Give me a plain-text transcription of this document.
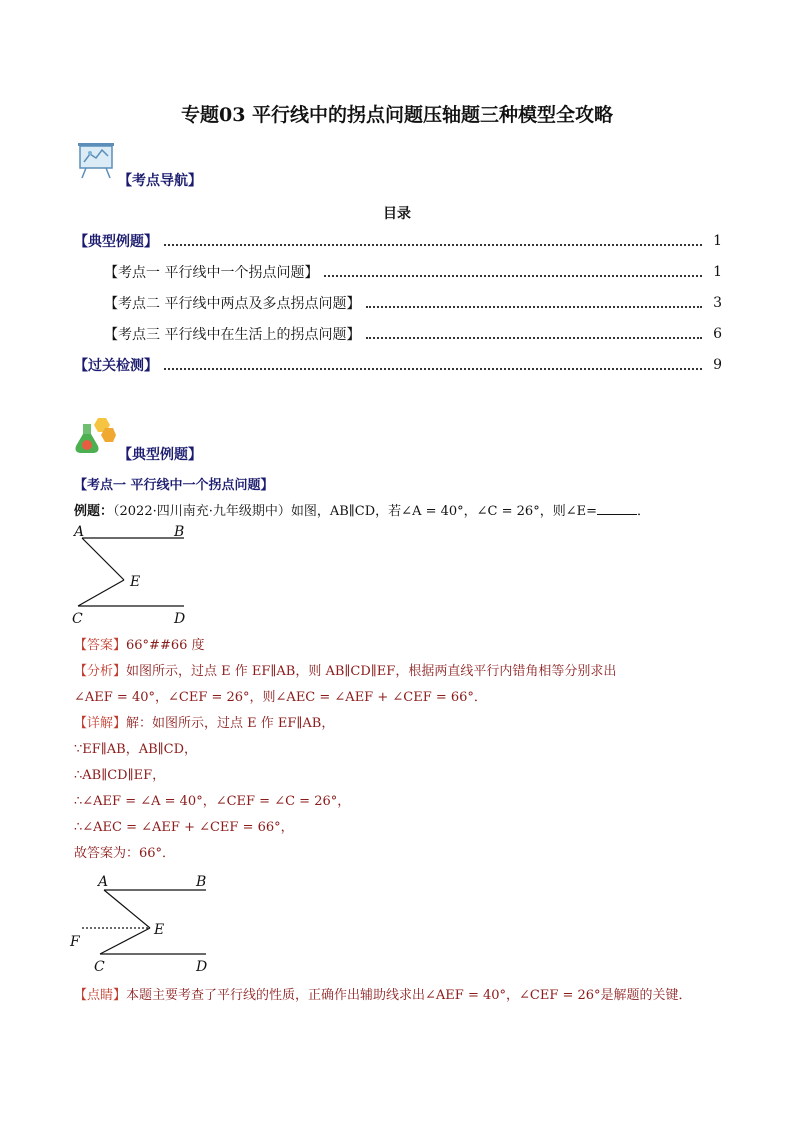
专题03 平行线中的拐点问题压轴题三种模型全攻略
【考点导航】
目录
【典型例题】	1
【考点一 平行线中一个拐点问题】	1
【考点二 平行线中两点及多点拐点问题】	3
【考点三 平行线中在生活上的拐点问题】	6
【过关检测】	9
【典型例题】
【考点一 平行线中一个拐点问题】
例题：（2022·四川南充·九年级期中）如图，AB∥CD，若∠A = 40°，∠C = 26°，则∠E=	．
A	B
E
C	D
【答案】66°##66 度
【分析】如图所示，过点 E 作 EF∥AB，则 AB∥CD∥EF，根据两直线平行内错角相等分别求出
∠AEF = 40°，∠CEF = 26°，则∠AEC = ∠AEF + ∠CEF = 66°．
【详解】解：如图所示，过点 E 作 EF∥AB，
∵EF∥AB，AB∥CD，
∴AB∥CD∥EF，
∴∠AEF = ∠A = 40°，∠CEF = ∠C = 26°，
∴∠AEC = ∠AEF + ∠CEF = 66°，
故答案为：66°．
A	B
E
F
C	D
【点睛】本题主要考查了平行线的性质，正确作出辅助线求出∠AEF = 40°，∠CEF = 26°是解题的关键．
